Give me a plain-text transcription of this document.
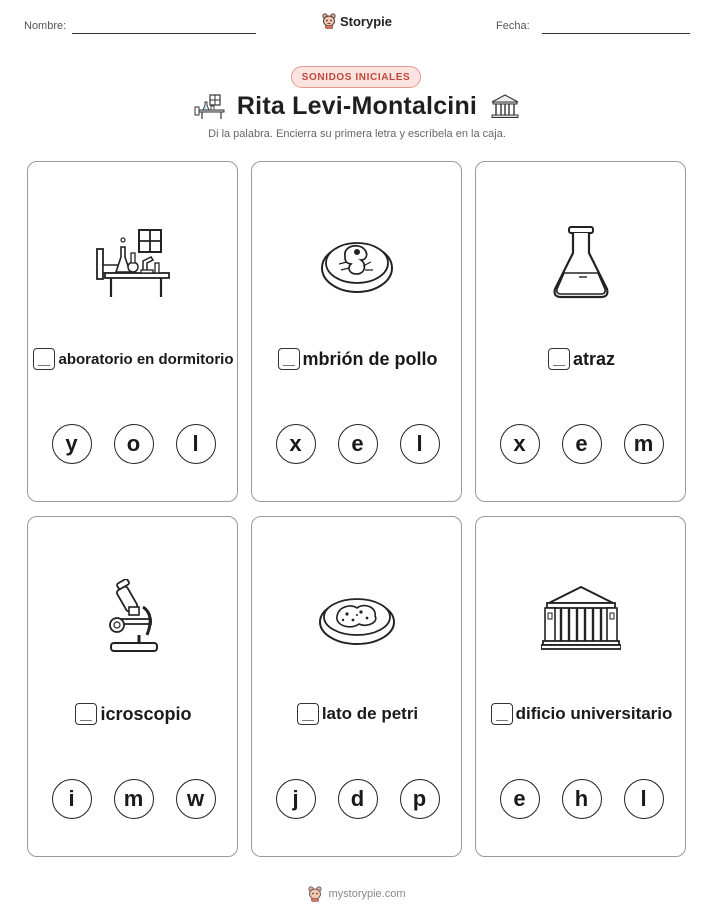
Nombre:	Storypie	Fecha:
SONIDOS INICIALES
Rita Levi-Montalcini
Di la palabra. Encierra su primera letra y escríbela en la caja.
aboratorio en dormitorio
y	o	l
mbrión de pollo
x	e	l
atraz
x	e	m
icroscopio
i	m	w
lato de petri
j	d	p
dificio universitario
e	h	l
mystorypie.com
